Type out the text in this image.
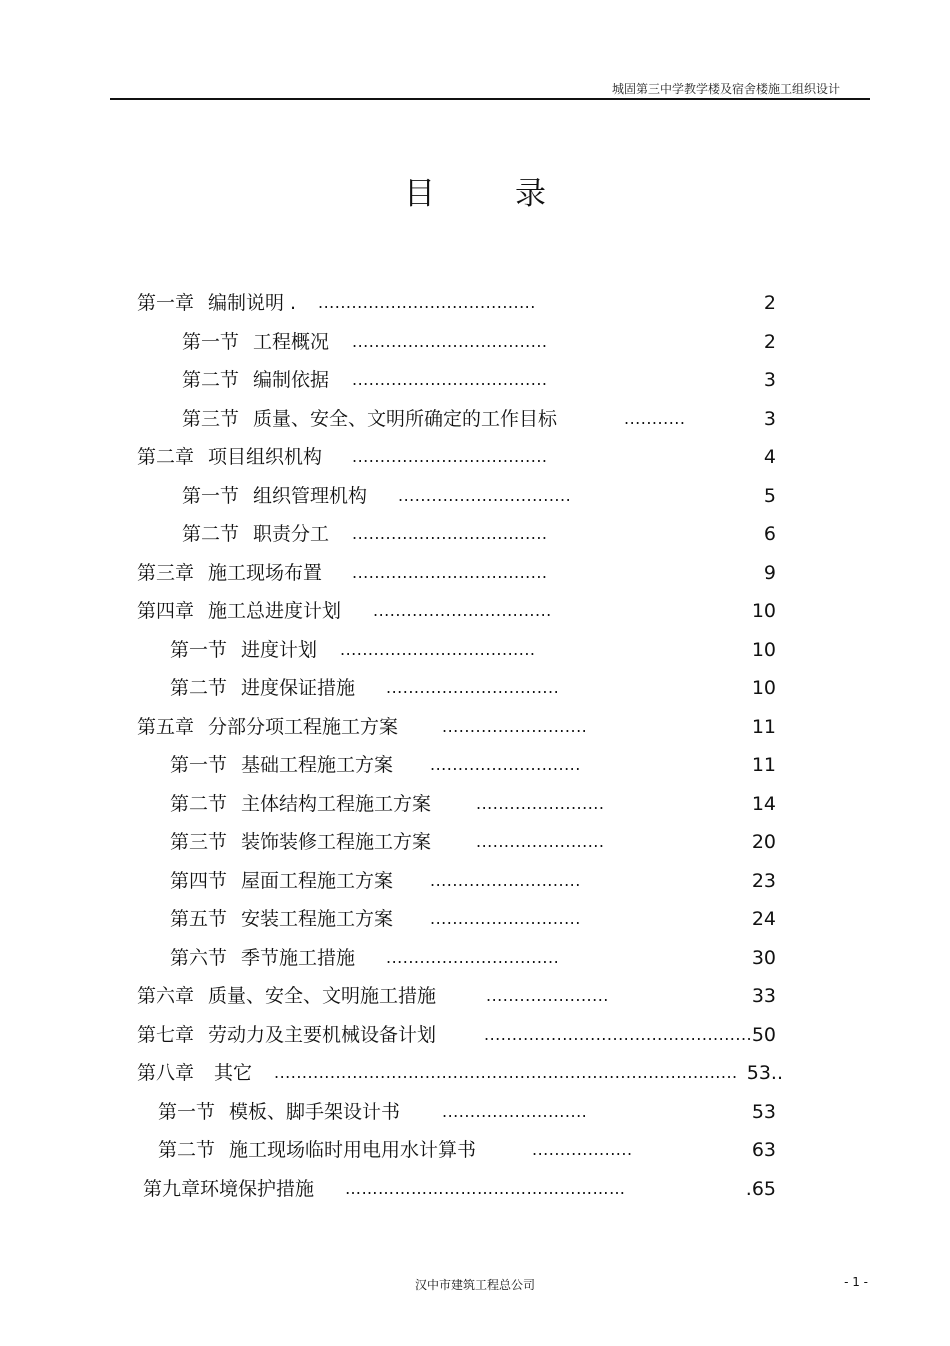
城固第三中学教学楼及宿舍楼施工组织设计
目录
第一章 编制说明 . .......................................	2
第一节 工程概况 ...................................	2
第二节 编制依据 ...................................	3
第三节 质量、安全、文明所确定的工作目标	...........	3
第二章 项目组织机构 ...................................	4
第一节 组织管理机构 ...............................	5
第二节 职责分工 ...................................	6
第三章 施工现场布置 ...................................	9
第四章 施工总进度计划 ................................	10
第一节 进度计划 ...................................	10
第二节 进度保证措施 ...............................	10
第五章 分部分项工程施工方案	..........................	11
第一节 基础工程施工方案 ...........................	11
第二节 主体结构工程施工方案	.......................	14
第三节 装饰装修工程施工方案	.......................	20
第四节 屋面工程施工方案 ...........................	23
第五节 安装工程施工方案 ...........................	24
第六节 季节施工措施 ...............................	30
第六章 质量、安全、文明施工措施	......................	33
第七章 劳动力及主要机械设备计划	................................................ 50
第八章 其它 ................................................................................... 53..
第一节 模板、脚手架设计书	..........................	53
第二节 施工现场临时用电用水计算书	..................	63
第九章环境保护措施 ……………………………………………	.65
汉中市建筑工程总公司	- 1 -
